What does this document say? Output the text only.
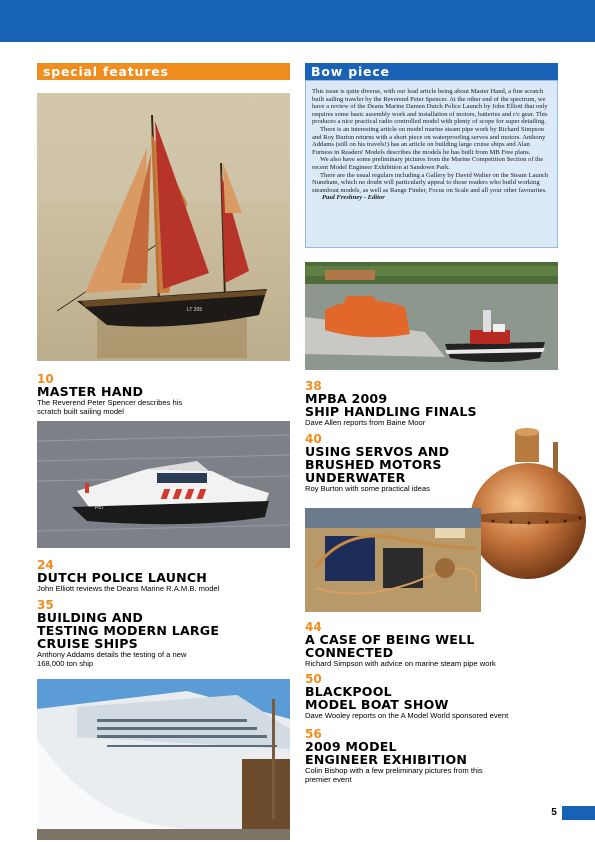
special features	Bow piece

This issue is quite diverse, with our lead article being about Master Hand, a fine scratch built sailing trawler by the Reverend Peter Spencer. At the other end of the spectrum, we have a review of the Deans Marine Damen Dutch Police Launch by John Elliott that only requires some basic assembly work and installation of motors, batteries and r/c gear. This produces a nice practical radio controlled model with plenty of scope for super detailing.

There is an interesting article on model marine steam pipe work by Richard Simpson and Roy Burton returns with a short piece on waterproofing servos and motors. Anthony Addams (still on his travels!) has an article on building large cruise ships and Alan Furness in Readers' Models describes the models he has built from MB Free plans.

We also have some preliminary pictures from the Marine Competition Section of the recent Model Engineer Exhibition at Sandown Park.

There are the usual regulars including a Gallery by David Walter on the Steam Launch Nuneham, which no doubt will particularly appeal to those readers who build working steamboat models, as well as Range Finder, Focus on Scale and all your other favourites.

Paul Freshney - Editor

LT 205
10
MASTER HAND
The Reverend Peter Spencer describes his
scratch built sailing model
P57
24
DUTCH POLICE LAUNCH
John Elliott reviews the Deans Marine R.A.M.B. model
35
BUILDING AND
TESTING MODERN LARGE
CRUISE SHIPS
Anthony Addams details the testing of a new
168,000 ton ship
38
MPBA 2009
SHIP HANDLING FINALS
Dave Allen reports from Baine Moor
40
USING SERVOS AND
BRUSHED MOTORS
UNDERWATER
Roy Burton with some practical ideas
44
A CASE OF BEING WELL
CONNECTED
Richard Simpson with advice on marine steam pipe work
50
BLACKPOOL
MODEL BOAT SHOW
Dave Wooley reports on the A Model World sponsored event
56
2009 MODEL
ENGINEER EXHIBITION
Colin Bishop with a few preliminary pictures from this
premier event
5
